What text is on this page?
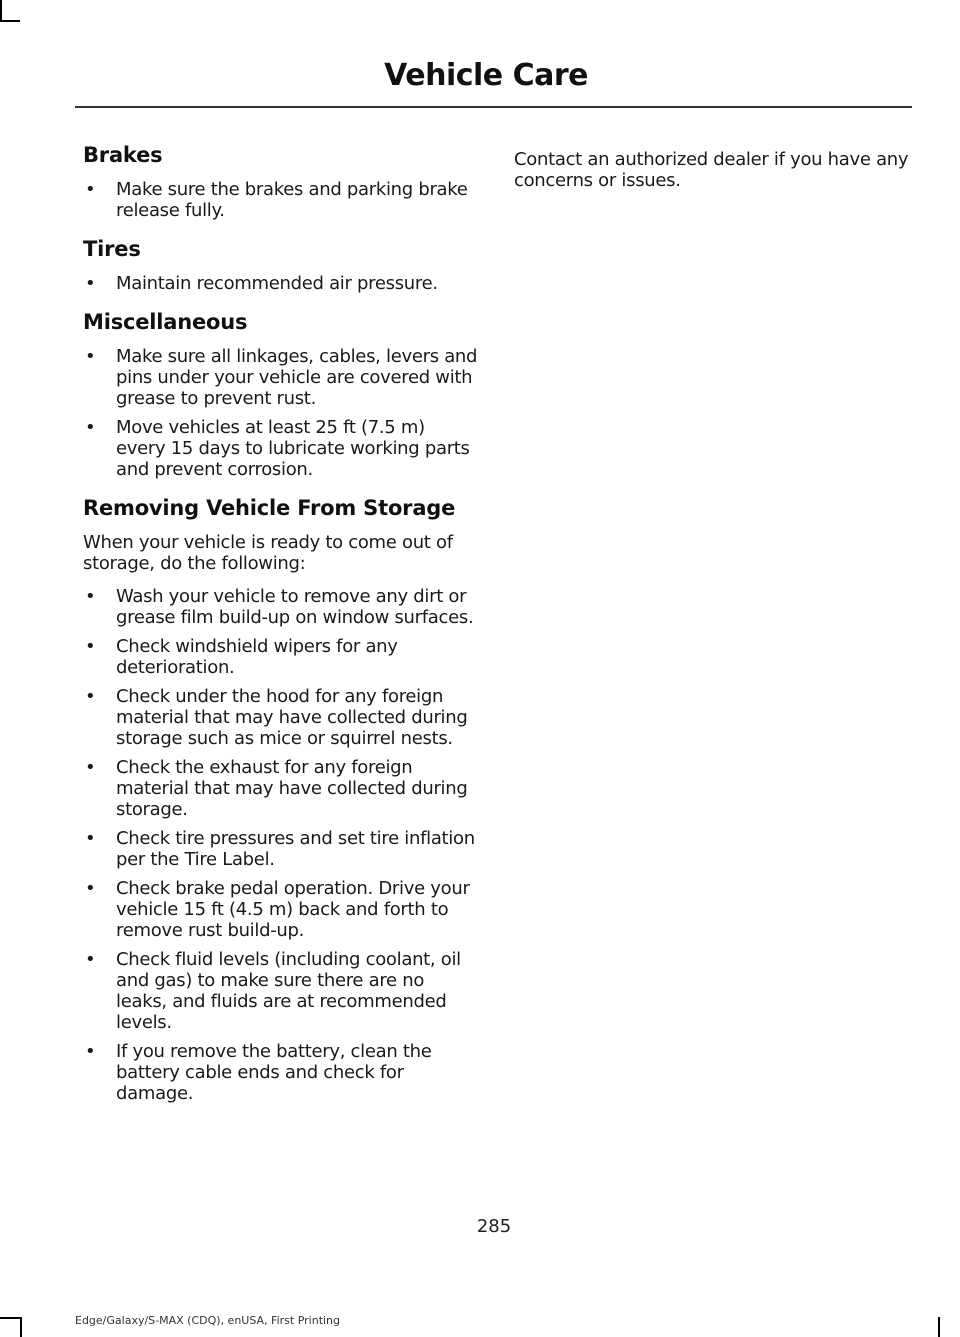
Vehicle Care
Brakes
• Make sure the brakes and parking brake release fully.
Tires
• Maintain recommended air pressure.
Miscellaneous
• Make sure all linkages, cables, levers and pins under your vehicle are covered with grease to prevent rust.
• Move vehicles at least 25 ft (7.5 m) every 15 days to lubricate working parts and prevent corrosion.
Removing Vehicle From Storage

When your vehicle is ready to come out of storage, do the following:

• Wash your vehicle to remove any dirt or grease film build-up on window surfaces.
• Check windshield wipers for any deterioration.
• Check under the hood for any foreign material that may have collected during storage such as mice or squirrel nests.
• Check the exhaust for any foreign material that may have collected during storage.
• Check tire pressures and set tire inflation per the Tire Label.
• Check brake pedal operation. Drive your vehicle 15 ft (4.5 m) back and forth to remove rust build-up.
• Check fluid levels (including coolant, oil and gas) to make sure there are no leaks, and fluids are at recommended levels.
• If you remove the battery, clean the battery cable ends and check for damage.

Contact an authorized dealer if you have any concerns or issues.

285
Edge/Galaxy/S-MAX (CDQ), enUSA, First Printing
